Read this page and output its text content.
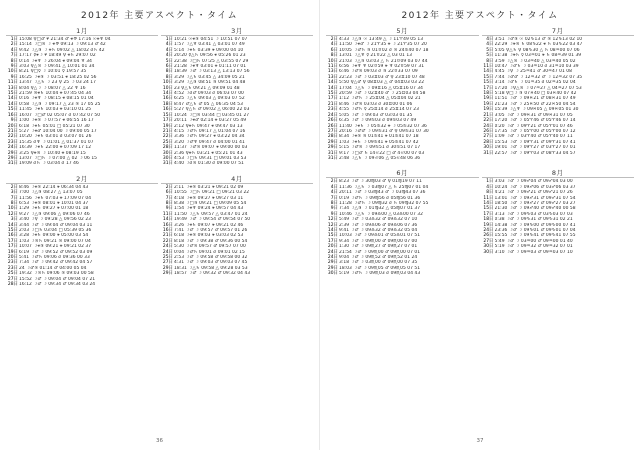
2012年 主要アスペクト・タイム
1月
1日 15:08 ♀□♂ ¥ 21:34 ♂ ⚹♅ 17:16 ☉⚹♆ 04
2日 15:14 ☽□♃ ☽ ⚹♅ 09:13 ☽ 09:13 ♂ 42
4日 9:42 ☽△♃ ☽ ⚹♄ 09:02 △ 18:02 ☌♄ 42
7日 17:17 ☿⚹☽ ¥ 18:49 ♀ ⚹♄ 29:07 02
8日 0:14 ☽⚹♆ ☽ 26:04 ⚹ 09:04 ♆ 34
9日 3:03 ♀△♃ ☽ 09:41 △ 10:01 01 34
10日 8:21 ♀□☿ ☽ 10:01 ☿ 19:57 35
9日 16:25 ☽⚹♃ ☽ 03:51 ⚹ 18:25 02 56
11日 13:47 ☽△♄ ☽ 23 ♀ 25 ☽ 03 24 17
13日 8:04 ♀△☽ ☽ 08:07 △ 22 ♆ 16
15日 21:59 ♃⚹♄ 10:04 ⚹ 07:45 04 34
14日 0:16 ☽⚹♆ ☽ 08:15 ⚹ 08:15 01 04
14日 0:58 ☽△♃ ☽ 09:17 △ 23 ♃ 17 05 25
15日 11:45 ☽⚹♄ 10:03 ⚹ 03:10 01 25
16日 16:07 ☽□♂ 02 05:07 ☌ 07:42 07 50
9日 1:00 ☽⚹♃ ☽ 07:57 ⚹ 06:55 16 17
20日 6:18 ☽⚹♄ 05:01 □ 05:21 07 30
21日 5:27 ☽⚹♂ 10:04 00 ☽ 09:00 05 17
22日 10:20 ☽⚹♄ 03:01 ☌ 03:07 01 26
23日 15:35 ☌♆ ☽ 01:01 △ 01:37 01 07
24日 16:39 ☽⚹♄ 22:00 ⚹ 07:09 17 12
29日 3:25 ♀⚹♃ ☽ 10:40 ⚹ 08:19 15
29日 13:07 ☽□♄ ☽ 07:00 △ 02 ☽ 06 15
31日 19:09 ☌♄ ☽ 03:04 ☌ 17 46
3月
1日 10:21 ☉⚹♃ 04:51 ☽ 10:51 07 07
4日 1:57 ☽△♆ 03:41 △ 03:01 07 49
4日 5:14 ☽⚹♄ 03:39 ⚹ 09:00 04 10
4日 20:20 ☿△♄ 09:56 ⚹ 05:26 01 23
5日 22:38 ☽□♄ 07:25 △ 03:55 07 29
6日 21:28 ☽⚹♆ 03:01 ⚹ 01:11 07 01
8日 18:39 ☽♂ ☽ 03:13 △ 13:13 07 56
8日 3:29 ☽△♄ 03:45 △ 34:09 05 21
10日 3:29 ☽△♃ 08:51 ♃ 09:51 04 48
10日 23 ♀△♄ 09:21 △ 09:09 01 48
14日 4:52 ☽☌♂ 09:03 ☌ 06:03 07 00
16日 6:25 ☽△♄ 09:03 △ 09:03 07 52
18日 8:47 ♂△♄ ♂ 05 △ 06:35 04 53
16日 5:27 ♀△♄ ♂ 09:02 △ 06:00 22 03
15日 10:24 ☽□♃ 03:44 □ 03:45 01 27
17日 20:11 ☽⚹♂ 02:14 ⚹ 03:27 05 49
19日 2:12 ♀⚹♄ 09:47 ⚹ 09:47 03 13
21日 4:15 ☽♂♄ 09:17 △ 01:04 07 16
22日 3:36 ☽♂♄ 09:27 ⚹ 03:22 04 34
25日 3:20 ☽♂♆ 09:47 ☌ 04:00 01 41
28日 11:37 ☽♂♃ 09:07 ⚹ 09:00 00 03
30日 2:36 ♀⚹♄ 03:21 ⚹ 05:21 01 43
30日 4:53 ☽□♄ 09:31 □ 09:01 03 53
31日 4:40 ☽☌♃ 01:30 ☌ 09:00 07 51
2月
2日 8:46 ☽⚹♃ 22:14 ⚹ 06:34 04 43
3日 7:00 ☽△♃ 08:27 △ 13:07 05
7日 11:56 ☽⚹♄ 07:03 ⚹ 17:09 07 04
8日 6:53 ☽⚹♃ 08:01 ⚹ 10:01 04 37
10日 1:29 ☽⚹♄ 09:27 ⚹ 07:00 01 18
12日 9:27 ☽△♃ 09:06 △ 09:06 07 46
3日 3:40 ☽♀ ☽ 09:28 △ 09:56 02 23
14日 3:44 ☽♂ ☽ 09:04 ♂ 09:04 03 11
15日 2:03 ☽□♄ 03:04 □ 05:39 05 36
16日 3:28 ☽⚹♄ 09:00 ⚹ 05:00 03 54
17日 1:03 ☽♃♄ 09:21 ♃ 09:00 07 04
17日 10:07 ☽⚹♃ 09:21 ⚹ 09:21 02 37
19日 6:19 ☽♂ ☽ 09:52 ♂ 09:52 03 09
20日 5:41 ☽♂♄ 09:06 ☌ 09:36 00 33
23日 7:34 ☽♂ ☽ 09:42 ♂ 09:42 04 57
23日 24 ☽♂♃ 01:14 ♂ 04:00 05 04
25日 19:32 ☽♃♄ 09:06 ♃ 09:03 00 58
27日 15:52 ☽♂ ☽ 09:04 ♂ 09:04 07 21
28日 16:12 ☽♂ ☽ 09:34 ♂ 09:34 03 24
4月
2日 2:11 ☽⚹♃ 03:21 ⚹ 09:21 02 09
6日 10:55 ☽□♄ 09:21 □ 09:21 03 22
7日 4:18 ☽⚹♃ 09:27 ⚹ 09:27 03 11
8日 8:38 ☽□♃ 09:21 □ 09:09 05 54
9日 1:54 ☽⚹♆ 09:24 ⚹ 09:57 04 43
11日 11:50 ☽△♄ 09:57 △ 03:47 01 24
14日 19:49 ☽♂ ☽ 09:54 ♂ 09:54 07 50
16日 3:26 ☽⚹♄ 09:07 ⚹ 09:21 02 46
16日 7:41 ☽♂ ☽ 09:57 ♂ 09:57 01 26
21日 6:18 ☽⚹♃ 09:03 ⚹ 03:03 02 53
22日 8:18 ☽♂ ☽ 09:38 ♂ 09:36 00 54
24日 5:30 ☽♂♃ 09:57 ♂ 09:57 07 00
24日 0:04 ☽♂♄ 09:01 ☌ 09:01 02 15
25日 2:53 ☽♂ ☽ 09:58 ♂ 09:58 00 32
27日 4:31 ☽♂ ☽ 09:03 ♂ 09:03 07 45
29日 18:31 ☽△♄ 09:58 △ 09:28 03 53
29日 18:57 ☽♂ ☽ 09:32 ♂ 09:32 04 43
36
2012年 主要アスペクト・タイム
5月
2日 4:33 ☽△♃ ☉ 13:49 △ ☽ 11♈49 05 13
4日 11:50 ☽⚹♂ ☽ 21♈35 ⚹ ☽ 21♈35 07 20
6日 10:05 ☽♂♄ ♃ 01♉02 ☌ ♃ 24♋40 07 18
8日 13:01 ☽△♆ ☿ 21♉22 △ 03 01 13
10日 21:03 ☽△♃ 03:03 △ ♄ 21♉09 03 07 44
11日 6:56 ☽⚹♆ ♆ 02♉59 ⚹ ♆ 02♉59 07 31
13日 6:46 ☽♂♃ 09:03 ☌ ♃ 22♉33 07 09
13日 22:23 ☽♂ ☽ 03♊03 ♂ ♀ 23♊10 07 48
14日 5:50 ♀△♂ ♀ 08♊03 △ ♂ 04♊03 03 22
14日 17:04 ☽△♄ ☽ 09♊16 △ 05♊16 07 34
15日 20:59 ☽♂ ☽ 02♊40 ♂ ☽ 25♊03 04 58
17日 1:12 ☽♂♄ ☽ 25♊04 △ 05♊04 02 21
21日 8:46 ☽♂♃ 03:03 ☌ 30♊00 01 06
23日 4:55 ☽♂♄ ☿ 25♊14 ☌ 25♊14 07 23
24日 5:05 ☽♂ ☽ 09:03 ♂ 03:03 01 35
26日 6:35 ☽♂ ☽ 09♋03 ☌ 09♋03 07 49
26日 11:40 ☽⚹♄ ☽ 05♋32 ⚹ ☽ 05♋32 07 36
27日 20:16 ☽♂♂ ☽ 09♋31 ♂ ♀ 09♋31 07 30
28日 8:34 ☽⚹♃ ♃ 01♋41 ⚹ 01♋41 07 18
29日 1:03 ☽⚹♄ ☽ 09♋41 ⚹ 05♋41 07 42
29日 5:15 ☽♂♃ ☽ 09♋51 ☌ 30♋51 07 17
31日 9:17 ☽□♂ ♄ 14♌22 □ ♂ 4♌00 07 03
31日 2:48 ☽△♄ ☽ 09♌06 △ 05♌48 06 36
7月
4日 3:51 ☽♂♃ ☉ 02♑13 ♂ ♃ 12♑13 02 10
4日 22:29 ☽⚹♃ ♄ 08♑22 ⚹ ♄ 03♑22 03 47
5日 5:05 ♀△♄ ♀ 08♑30 △ ♄ 08♒00 07 06
5日 11:38 ☽⚹♄ ☿ 03♒01 ⚹ ♄ 08♒39 01 39
8日 3:59 ☽△♃ ☽ 03♒40 △ 03♒40 05 02
11日 10:47 ☽♂♄ ☽ 03♒10 ☌ 31♒10 03 39
14日 4:45 ☽♀ ☽ 25♒41 ♂ 30♒47 01 08
15日 7:44 ☽♂♂ ☽ 12♒32 ♂ ☽ 12♒32 07 35
15日 3:14 ☽♂♄ ☽ 01♒35 ☌ 02♒35 02 04
17日 17:20 ☽♀△♃ ☽ 07♒27 △ 04♒27 07 53
18日 5:18 ♀□☽ ♃ 07♓40 □ 03♓40 07 42
19日 11:51 ☽♂ ☽ 09♓21 ♂ 08♓31 07 49
19日 21:23 ☽♂ ☽ 25♓50 ♂ 22♓50 04 54
19日 15:39 ☽△♆ ☽ 09♓05 △ 09♓05 01 30
21日 3:05 ☽♂ ☽ 09♓31 ♂ 09♓31 07 05
22日 17:20 ☽♂ ☽ 05♈46 ♂ 05♈46 07 14
24日 0:20 ☽♂ ☽ 09♈21 ♂ 05♈01 07 46
26日 17:35 ☽♂ ☽ 05♈00 ♂ 05♈00 07 12
27日 1:09 ☽♂ ☽ 03♈40 ♂ 05♈40 07 11
28日 15:53 ☽♂ ☽ 09♈31 ♂ 09♈31 07 41
30日 19:01 ☽♂ ☽ 09♈27 ♂ 03♈27 07 01
31日 22:57 ☽♂ ☽ 09♈03 ♂ 08♈33 04 57
6月
2日 8:23 ☽♂ ☽ 30♍03 ♂ ♀ 01♍19 07 11
4日 11:36 ☽△♄ ☽ 03♍07 △ ♄ 25♍07 01 04
4日 20:11 ☽♂ ☽ 03♍43 ♂ ☽ 03♍43 07 36
7日 0:19 ☽♂♄ ☽ 09♍56 ☌ 05♍56 01 36
8日 11:28 ☽♂♄ ☽ 09♍32 ☌ ♄ 09♍32 07 55
9日 7:34 ☽△♃ ☽ 01♍32 △ 05♍07 01 37
9日 10:46 ☽△♄ ☽ 09♎00 △ 03♎00 07 32
12日 5:49 ☽♂ ☽ 03♎32 ♂ 09♎32 07 10
12日 2:39 ☽♂ ☽ 09♎06 ♂ 09♎06 07 36
14日 9:41 ☽♂ ☽ 09♎32 ♂ 09♎32 05 04
15日 10:03 ☽♂ ☽ 09♎01 ♂ 05♎01 07 51
17日 9:34 ☽♂ ☽ 09♏00 ♂ 09♏00 07 00
20日 1:30 ☽♂ ☽ 09♏27 ♂ 09♏27 07 01
24日 21:54 ☽♂ ☽ 09♏00 ♂ 09♏00 07 01
24日 9:04 ☽♂ ☽ 09♏52 ♂ 09♏52 01 24
29日 3:18 ☽♂ ☽ 03♏00 ♂ 09♏00 07 35
29日 18:03 ☽♂ ☽ 09♏05 ♂ 09♏05 07 51
30日 5:19 ☽♂♄ ☽ 09♏03 ☌ 09♏03 04 43
8月
1日 3:03 ☽♂ ☽ 09♐04 ♂ 09♐04 03 00
4日 10:24 ☽♂ ☽ 09♐06 ♂ 03♐06 03 37
8日 4:21 ☽♂ ☽ 09♐21 ♂ 09♐21 07 26
11日 13:01 ☽♂ ☽ 09♐31 ♂ 09♐31 07 54
14日 18:50 ☽♂ ☽ 09♐27 ♂ 09♐27 03 27
15日 21:30 ☽♂ ☽ 09♐40 ♂ 09♐40 00 58
17日 3:13 ☽♂ ☽ 09♑03 ♂ 03♑03 07 03
18日 0:38 ☽♂ ☽ 09♑31 ♂ 09♑31 02 21
19日 14:38 ☽♂ ☽ 09♑00 ♂ 09♑00 07 41
24日 23:36 ☽♂ ☽ 09♑01 ♂ 09♑01 07 04
26日 15:55 ☽♂ ☽ 09♑41 ♂ 09♑41 07 55
27日 5:49 ☽♂ ☽ 03♒00 ♂ 09♒00 01 40
30日 5:19 ☽♂ ☽ 09♒32 ♂ 09♒32 07 01
30日 3:10 ☽♂ ☽ 09♒03 ♂ 09♒03 07 10
37
